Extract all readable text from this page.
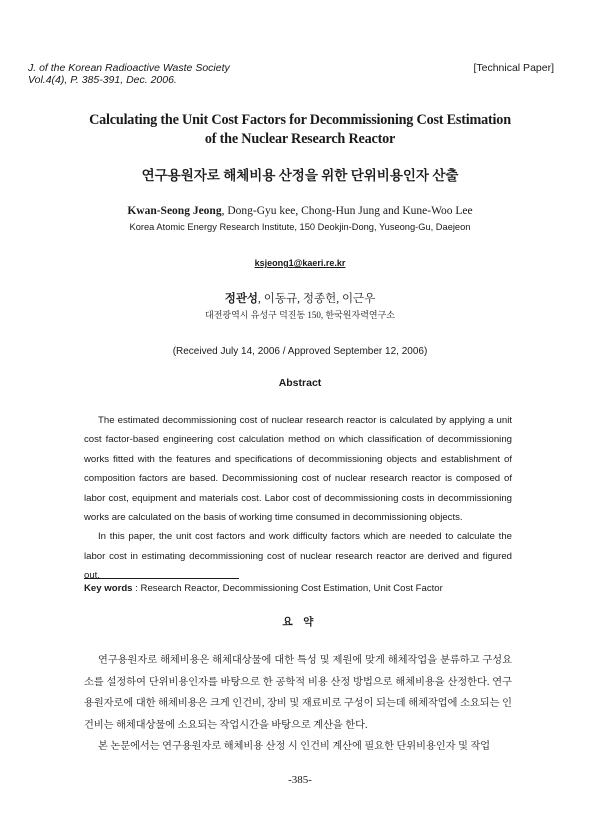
J. of the Korean Radioactive Waste Society
Vol.4(4), P. 385-391, Dec. 2006.
[Technical Paper]
Calculating the Unit Cost Factors for Decommissioning Cost Estimation
of the Nuclear Research Reactor
연구용원자로 해체비용 산정을 위한 단위비용인자 산출
Kwan-Seong Jeong, Dong-Gyu kee, Chong-Hun Jung and Kune-Woo Lee
Korea Atomic Energy Research Institute, 150 Deokjin-Dong, Yuseong-Gu, Daejeon
ksjeong1@kaeri.re.kr
정관성, 이동규, 정종헌, 이근우
대전광역시 유성구 덕진동 150, 한국원자력연구소
(Received July 14, 2006 / Approved September 12, 2006)
Abstract

The estimated decommissioning cost of nuclear research reactor is calculated by applying a unit cost factor-based engineering cost calculation method on which classification of decommissioning works fitted with the features and specifications of decommissioning objects and establishment of composition factors are based. Decommissioning cost of nuclear research reactor is composed of labor cost, equipment and materials cost. Labor cost of decommissioning costs in decommissioning works are calculated on the basis of working time consumed in decommissioning objects.

In this paper, the unit cost factors and work difficulty factors which are needed to calculate the labor cost in estimating decommissioning cost of nuclear research reactor are derived and figured out.

Key words : Research Reactor, Decommissioning Cost Estimation, Unit Cost Factor
요 약

연구용원자로 해체비용은 해체대상물에 대한 특성 및 제원에 맞게 해체작업을 분류하고 구성요소를 설정하여 단위비용인자를 바탕으로 한 공학적 비용 산정 방법으로 해체비용을 산정한다. 연구용원자로에 대한 해체비용은 크게 인건비, 장비 및 재료비로 구성이 되는데 해체작업에 소요되는 인건비는 해체대상물에 소요되는 작업시간을 바탕으로 계산을 한다.

본 논문에서는 연구용원자로 해체비용 산정 시 인건비 계산에 필요한 단위비용인자 및 작업

-385-
